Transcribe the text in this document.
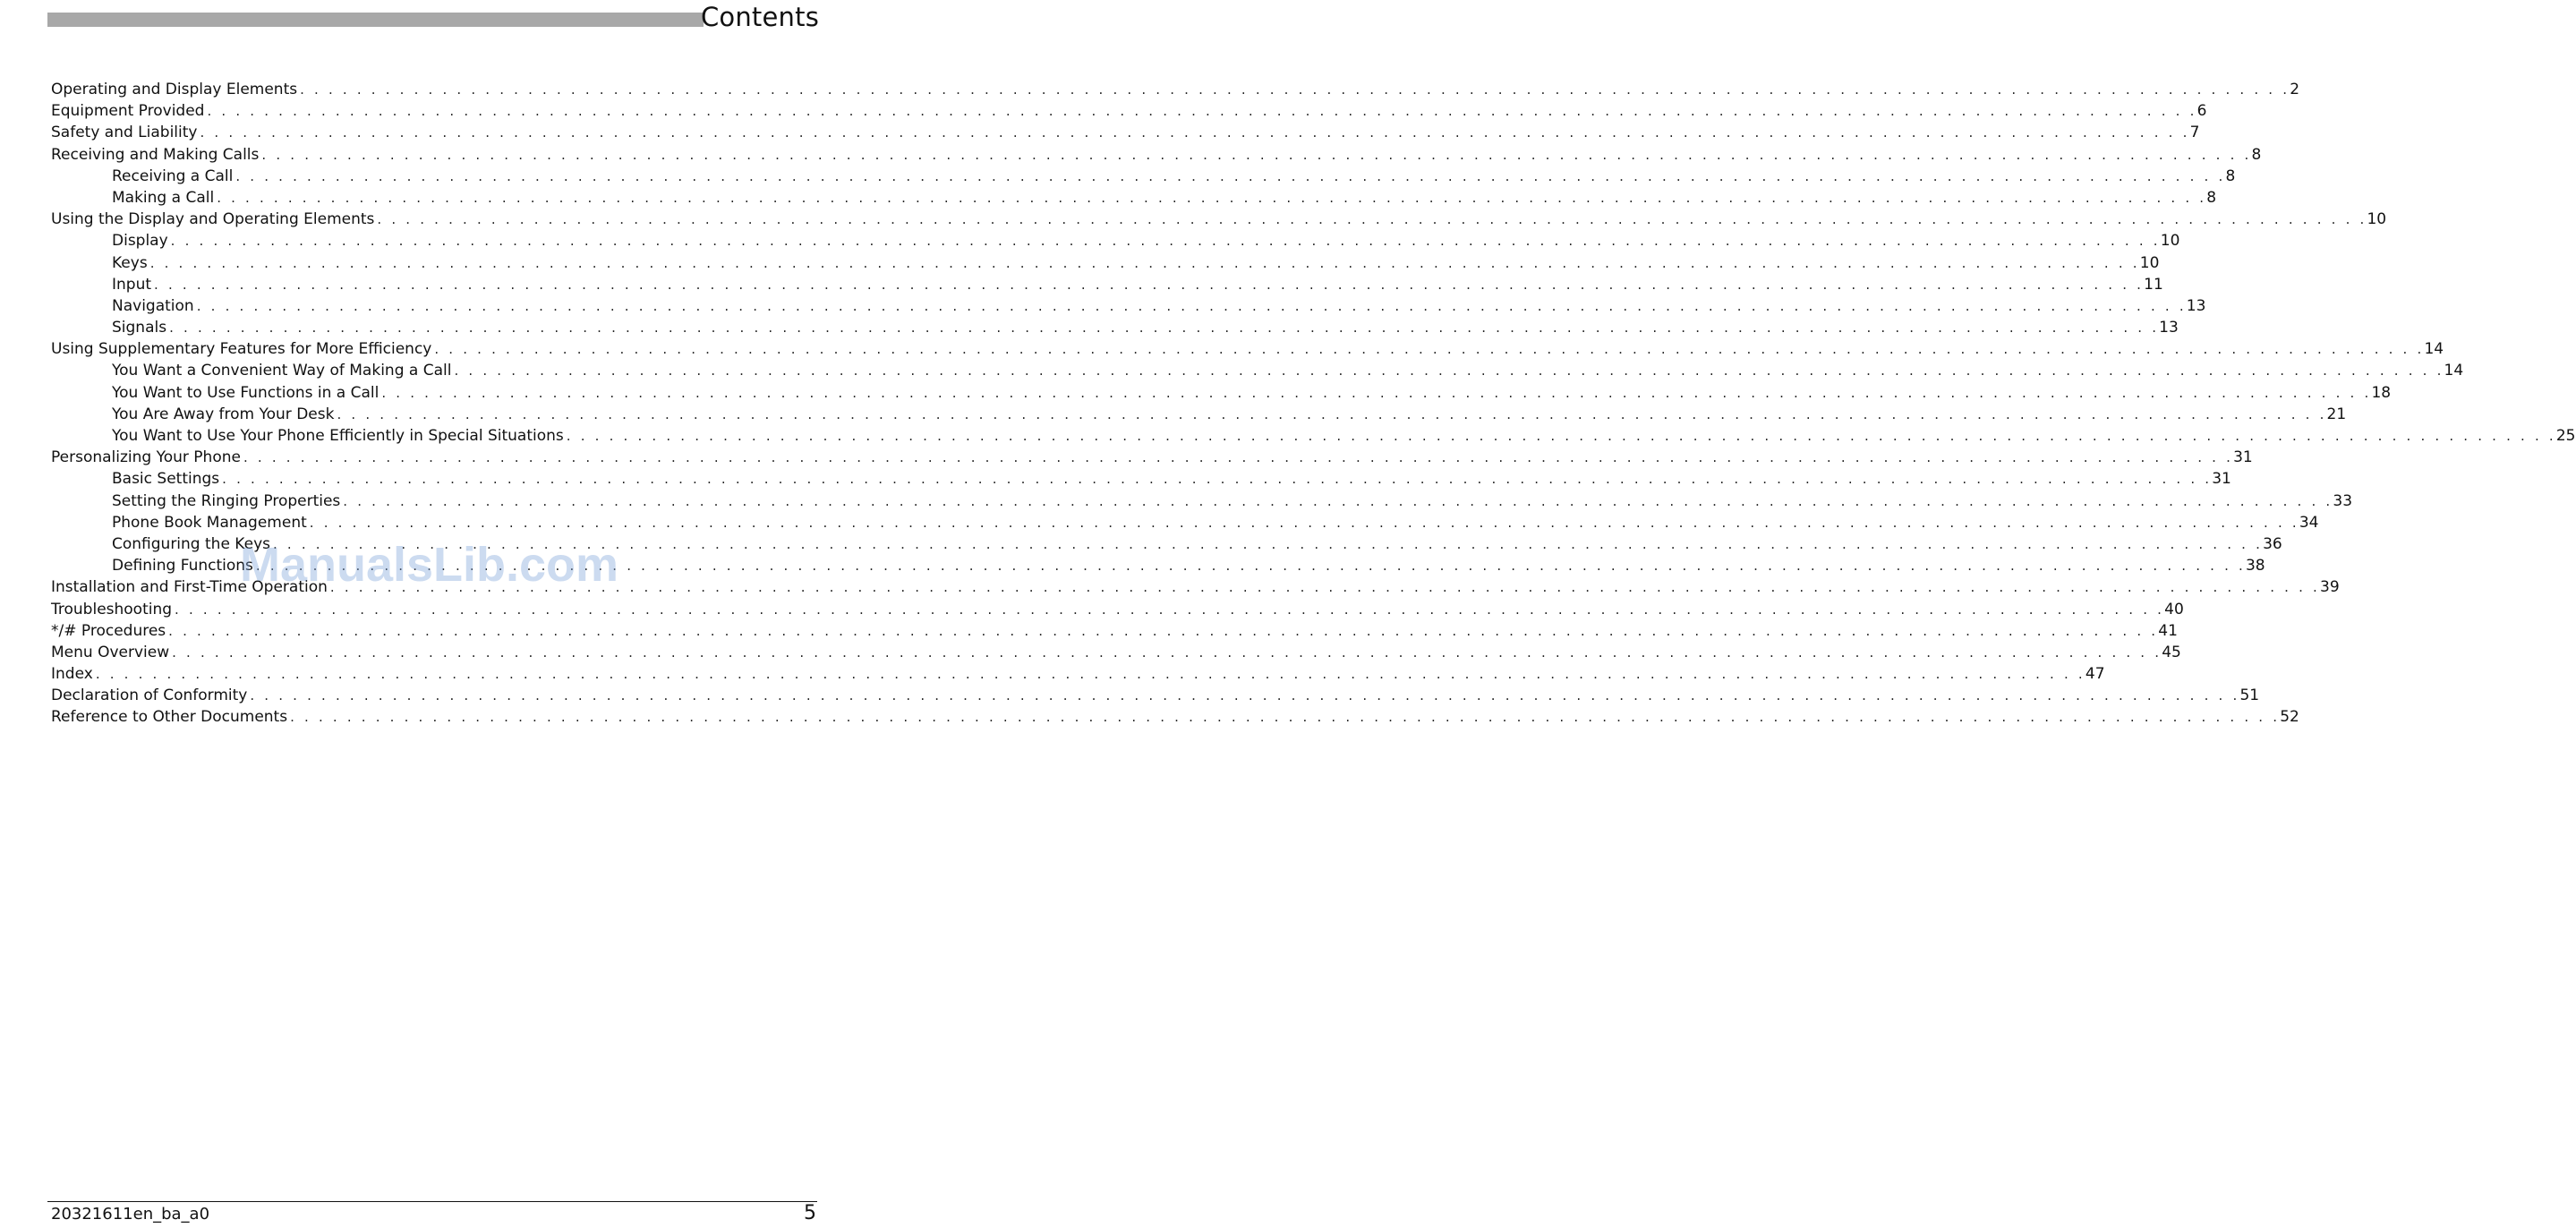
Contents
Operating and Display Elements . . . . . . . . . . . . . . . . . . . . . . . . . . . . . . . . . . . . . . . . . . . . . . . . . . . . . . . . . . . . . . . . . . . . . . . . . . . . . . . . . . . . . . . . . . . . . . . . . . . . . . . . . . . . . . . . . . . . . . . . . . . . . . . . . . . . . . . . . . . . 2
Equipment Provided . . . . . . . . . . . . . . . . . . . . . . . . . . . . . . . . . . . . . . . . . . . . . . . . . . . . . . . . . . . . . . . . . . . . . . . . . . . . . . . . . . . . . . . . . . . . . . . . . . . . . . . . . . . . . . . . . . . . . . . . . . . . . . . . . . . . . . . . . . . . 6
Safety and Liability . . . . . . . . . . . . . . . . . . . . . . . . . . . . . . . . . . . . . . . . . . . . . . . . . . . . . . . . . . . . . . . . . . . . . . . . . . . . . . . . . . . . . . . . . . . . . . . . . . . . . . . . . . . . . . . . . . . . . . . . . . . . . . . . . . . . . . . . . . . . 7
Receiving and Making Calls . . . . . . . . . . . . . . . . . . . . . . . . . . . . . . . . . . . . . . . . . . . . . . . . . . . . . . . . . . . . . . . . . . . . . . . . . . . . . . . . . . . . . . . . . . . . . . . . . . . . . . . . . . . . . . . . . . . . . . . . . . . . . . . . . . . . . . . . . . . . 8
Receiving a Call . . . . . . . . . . . . . . . . . . . . . . . . . . . . . . . . . . . . . . . . . . . . . . . . . . . . . . . . . . . . . . . . . . . . . . . . . . . . . . . . . . . . . . . . . . . . . . . . . . . . . . . . . . . . . . . . . . . . . . . . . . . . . . . . . . . . . . . . . . . . 8
Making a Call . . . . . . . . . . . . . . . . . . . . . . . . . . . . . . . . . . . . . . . . . . . . . . . . . . . . . . . . . . . . . . . . . . . . . . . . . . . . . . . . . . . . . . . . . . . . . . . . . . . . . . . . . . . . . . . . . . . . . . . . . . . . . . . . . . . . . . . . . . . . 8
Using the Display and Operating Elements . . . . . . . . . . . . . . . . . . . . . . . . . . . . . . . . . . . . . . . . . . . . . . . . . . . . . . . . . . . . . . . . . . . . . . . . . . . . . . . . . . . . . . . . . . . . . . . . . . . . . . . . . . . . . . . . . . . . . . . . . . . . . . . . . . . . . . . . . . . . 10
Display . . . . . . . . . . . . . . . . . . . . . . . . . . . . . . . . . . . . . . . . . . . . . . . . . . . . . . . . . . . . . . . . . . . . . . . . . . . . . . . . . . . . . . . . . . . . . . . . . . . . . . . . . . . . . . . . . . . . . . . . . . . . . . . . . . . . . . . . . . . . 10
Keys . . . . . . . . . . . . . . . . . . . . . . . . . . . . . . . . . . . . . . . . . . . . . . . . . . . . . . . . . . . . . . . . . . . . . . . . . . . . . . . . . . . . . . . . . . . . . . . . . . . . . . . . . . . . . . . . . . . . . . . . . . . . . . . . . . . . . . . . . . . . 10
Input . . . . . . . . . . . . . . . . . . . . . . . . . . . . . . . . . . . . . . . . . . . . . . . . . . . . . . . . . . . . . . . . . . . . . . . . . . . . . . . . . . . . . . . . . . . . . . . . . . . . . . . . . . . . . . . . . . . . . . . . . . . . . . . . . . . . . . . . . . . . 11
Navigation . . . . . . . . . . . . . . . . . . . . . . . . . . . . . . . . . . . . . . . . . . . . . . . . . . . . . . . . . . . . . . . . . . . . . . . . . . . . . . . . . . . . . . . . . . . . . . . . . . . . . . . . . . . . . . . . . . . . . . . . . . . . . . . . . . . . . . . . . . . . 13
Signals . . . . . . . . . . . . . . . . . . . . . . . . . . . . . . . . . . . . . . . . . . . . . . . . . . . . . . . . . . . . . . . . . . . . . . . . . . . . . . . . . . . . . . . . . . . . . . . . . . . . . . . . . . . . . . . . . . . . . . . . . . . . . . . . . . . . . . . . . . . . 13
Using Supplementary Features for More Efficiency . . . . . . . . . . . . . . . . . . . . . . . . . . . . . . . . . . . . . . . . . . . . . . . . . . . . . . . . . . . . . . . . . . . . . . . . . . . . . . . . . . . . . . . . . . . . . . . . . . . . . . . . . . . . . . . . . . . . . . . . . . . . . . . . . . . . . . . . . . . . 14
You Want a Convenient Way of Making a Call . . . . . . . . . . . . . . . . . . . . . . . . . . . . . . . . . . . . . . . . . . . . . . . . . . . . . . . . . . . . . . . . . . . . . . . . . . . . . . . . . . . . . . . . . . . . . . . . . . . . . . . . . . . . . . . . . . . . . . . . . . . . . . . . . . . . . . . . . . . . 14
You Want to Use Functions in a Call . . . . . . . . . . . . . . . . . . . . . . . . . . . . . . . . . . . . . . . . . . . . . . . . . . . . . . . . . . . . . . . . . . . . . . . . . . . . . . . . . . . . . . . . . . . . . . . . . . . . . . . . . . . . . . . . . . . . . . . . . . . . . . . . . . . . . . . . . . . . 18
You Are Away from Your Desk . . . . . . . . . . . . . . . . . . . . . . . . . . . . . . . . . . . . . . . . . . . . . . . . . . . . . . . . . . . . . . . . . . . . . . . . . . . . . . . . . . . . . . . . . . . . . . . . . . . . . . . . . . . . . . . . . . . . . . . . . . . . . . . . . . . . . . . . . . . . 21
You Want to Use Your Phone Efficiently in Special Situations . . . . . . . . . . . . . . . . . . . . . . . . . . . . . . . . . . . . . . . . . . . . . . . . . . . . . . . . . . . . . . . . . . . . . . . . . . . . . . . . . . . . . . . . . . . . . . . . . . . . . . . . . . . . . . . . . . . . . . . . . . . . . . . . . . . . . . . . . . . . 25
Personalizing Your Phone . . . . . . . . . . . . . . . . . . . . . . . . . . . . . . . . . . . . . . . . . . . . . . . . . . . . . . . . . . . . . . . . . . . . . . . . . . . . . . . . . . . . . . . . . . . . . . . . . . . . . . . . . . . . . . . . . . . . . . . . . . . . . . . . . . . . . . . . . . . . 31
Basic Settings . . . . . . . . . . . . . . . . . . . . . . . . . . . . . . . . . . . . . . . . . . . . . . . . . . . . . . . . . . . . . . . . . . . . . . . . . . . . . . . . . . . . . . . . . . . . . . . . . . . . . . . . . . . . . . . . . . . . . . . . . . . . . . . . . . . . . . . . . . . . 31
Setting the Ringing Properties . . . . . . . . . . . . . . . . . . . . . . . . . . . . . . . . . . . . . . . . . . . . . . . . . . . . . . . . . . . . . . . . . . . . . . . . . . . . . . . . . . . . . . . . . . . . . . . . . . . . . . . . . . . . . . . . . . . . . . . . . . . . . . . . . . . . . . . . . . . . 33
Phone Book Management . . . . . . . . . . . . . . . . . . . . . . . . . . . . . . . . . . . . . . . . . . . . . . . . . . . . . . . . . . . . . . . . . . . . . . . . . . . . . . . . . . . . . . . . . . . . . . . . . . . . . . . . . . . . . . . . . . . . . . . . . . . . . . . . . . . . . . . . . . . . 34
Configuring the Keys . . . . . . . . . . . . . . . . . . . . . . . . . . . . . . . . . . . . . . . . . . . . . . . . . . . . . . . . . . . . . . . . . . . . . . . . . . . . . . . . . . . . . . . . . . . . . . . . . . . . . . . . . . . . . . . . . . . . . . . . . . . . . . . . . . . . . . . . . . . . 36
Defining Functions . . . . . . . . . . . . . . . . . . . . . . . . . . . . . . . . . . . . . . . . . . . . . . . . . . . . . . . . . . . . . . . . . . . . . . . . . . . . . . . . . . . . . . . . . . . . . . . . . . . . . . . . . . . . . . . . . . . . . . . . . . . . . . . . . . . . . . . . . . . . 38
Installation and First-Time Operation . . . . . . . . . . . . . . . . . . . . . . . . . . . . . . . . . . . . . . . . . . . . . . . . . . . . . . . . . . . . . . . . . . . . . . . . . . . . . . . . . . . . . . . . . . . . . . . . . . . . . . . . . . . . . . . . . . . . . . . . . . . . . . . . . . . . . . . . . . . . 39
Troubleshooting . . . . . . . . . . . . . . . . . . . . . . . . . . . . . . . . . . . . . . . . . . . . . . . . . . . . . . . . . . . . . . . . . . . . . . . . . . . . . . . . . . . . . . . . . . . . . . . . . . . . . . . . . . . . . . . . . . . . . . . . . . . . . . . . . . . . . . . . . . . . 40
*/# Procedures . . . . . . . . . . . . . . . . . . . . . . . . . . . . . . . . . . . . . . . . . . . . . . . . . . . . . . . . . . . . . . . . . . . . . . . . . . . . . . . . . . . . . . . . . . . . . . . . . . . . . . . . . . . . . . . . . . . . . . . . . . . . . . . . . . . . . . . . . . . . 41
Menu Overview . . . . . . . . . . . . . . . . . . . . . . . . . . . . . . . . . . . . . . . . . . . . . . . . . . . . . . . . . . . . . . . . . . . . . . . . . . . . . . . . . . . . . . . . . . . . . . . . . . . . . . . . . . . . . . . . . . . . . . . . . . . . . . . . . . . . . . . . . . . . 45
Index . . . . . . . . . . . . . . . . . . . . . . . . . . . . . . . . . . . . . . . . . . . . . . . . . . . . . . . . . . . . . . . . . . . . . . . . . . . . . . . . . . . . . . . . . . . . . . . . . . . . . . . . . . . . . . . . . . . . . . . . . . . . . . . . . . . . . . . . . . . . 47
Declaration of Conformity . . . . . . . . . . . . . . . . . . . . . . . . . . . . . . . . . . . . . . . . . . . . . . . . . . . . . . . . . . . . . . . . . . . . . . . . . . . . . . . . . . . . . . . . . . . . . . . . . . . . . . . . . . . . . . . . . . . . . . . . . . . . . . . . . . . . . . . . . . . . 51
Reference to Other Documents . . . . . . . . . . . . . . . . . . . . . . . . . . . . . . . . . . . . . . . . . . . . . . . . . . . . . . . . . . . . . . . . . . . . . . . . . . . . . . . . . . . . . . . . . . . . . . . . . . . . . . . . . . . . . . . . . . . . . . . . . . . . . . . . . . . . . . . . . . . . 52
ManualsLib.com
20321611en_ba_a0	5
